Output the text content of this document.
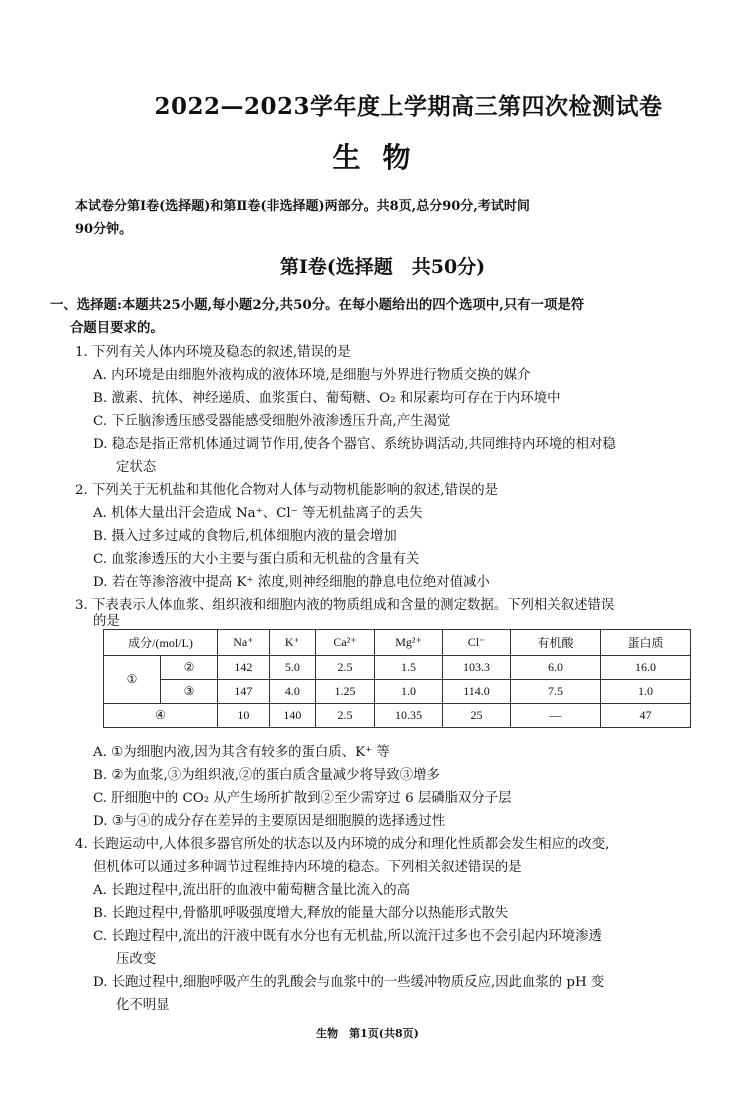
2022—2023学年度上学期高三第四次检测试卷
生物
本试卷分第Ⅰ卷(选择题)和第Ⅱ卷(非选择题)两部分。共8页,总分90分,考试时间
90分钟。
第Ⅰ卷(选择题　共50分)
一、选择题:本题共25小题,每小题2分,共50分。在每小题给出的四个选项中,只有一项是符
合题目要求的。
1. 下列有关人体内环境及稳态的叙述,错误的是
A. 内环境是由细胞外液构成的液体环境,是细胞与外界进行物质交换的媒介
B. 激素、抗体、神经递质、血浆蛋白、葡萄糖、O₂ 和尿素均可存在于内环境中
C. 下丘脑渗透压感受器能感受细胞外液渗透压升高,产生渴觉
D. 稳态是指正常机体通过调节作用,使各个器官、系统协调活动,共同维持内环境的相对稳
定状态
2. 下列关于无机盐和其他化合物对人体与动物机能影响的叙述,错误的是
A. 机体大量出汗会造成 Na⁺、Cl⁻ 等无机盐离子的丢失
B. 摄入过多过咸的食物后,机体细胞内液的量会增加
C. 血浆渗透压的大小主要与蛋白质和无机盐的含量有关
D. 若在等渗溶液中提高 K⁺ 浓度,则神经细胞的静息电位绝对值减小
3. 下表表示人体血浆、组织液和细胞内液的物质组成和含量的测定数据。下列相关叙述错误
的是
成分/(mol/L)		Na⁺	K⁺	Ca²⁺	Mg²⁺	Cl⁻	有机酸	蛋白质
①	②	142	5.0	2.5	1.5	103.3	6.0	16.0
	③	147	4.0	1.25	1.0	114.0	7.5	1.0
④		10	140	2.5	10.35	25	—	47
A. ①为细胞内液,因为其含有较多的蛋白质、K⁺ 等
B. ②为血浆,③为组织液,②的蛋白质含量减少将导致③增多
C. 肝细胞中的 CO₂ 从产生场所扩散到②至少需穿过 6 层磷脂双分子层
D. ③与④的成分存在差异的主要原因是细胞膜的选择透过性
4. 长跑运动中,人体很多器官所处的状态以及内环境的成分和理化性质都会发生相应的改变,
但机体可以通过多种调节过程维持内环境的稳态。下列相关叙述错误的是
A. 长跑过程中,流出肝的血液中葡萄糖含量比流入的高
B. 长跑过程中,骨骼肌呼吸强度增大,释放的能量大部分以热能形式散失
C. 长跑过程中,流出的汗液中既有水分也有无机盐,所以流汗过多也不会引起内环境渗透
压改变
D. 长跑过程中,细胞呼吸产生的乳酸会与血浆中的一些缓冲物质反应,因此血浆的 pH 变
化不明显
生物　第1页(共8页)
